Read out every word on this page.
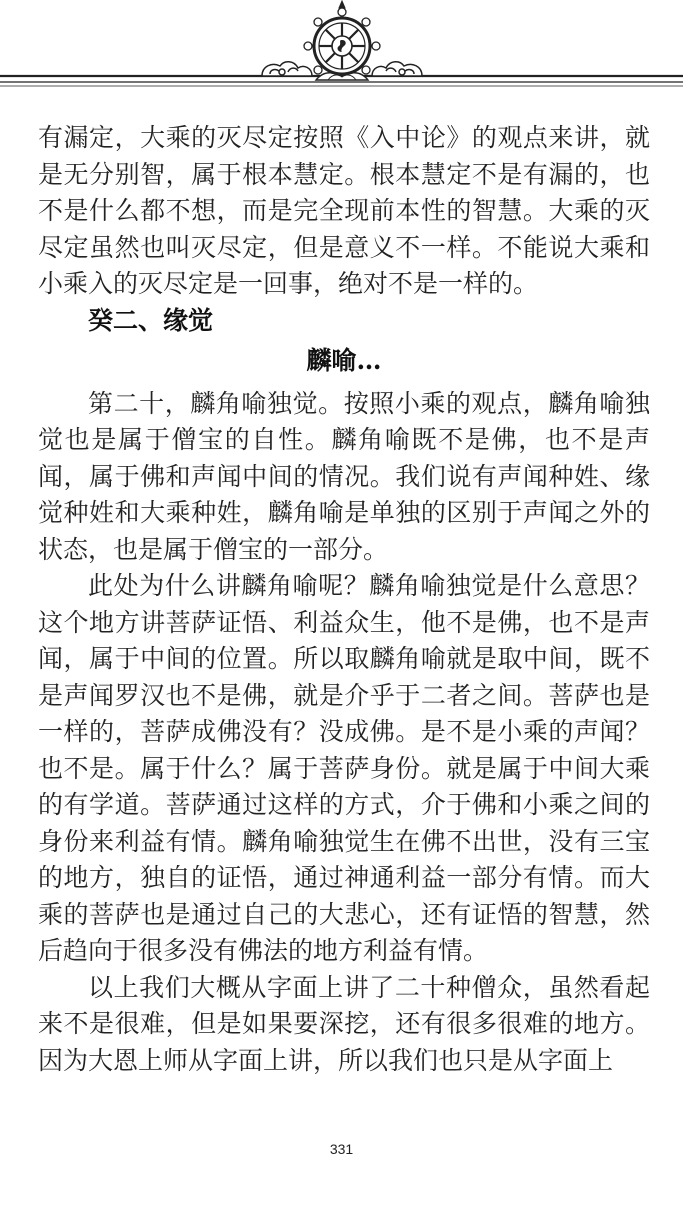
有漏定，大乘的灭尽定按照《入中论》的观点来讲，就是无分别智，属于根本慧定。根本慧定不是有漏的，也不是什么都不想，而是完全现前本性的智慧。大乘的灭尽定虽然也叫灭尽定，但是意义不一样。不能说大乘和小乘入的灭尽定是一回事，绝对不是一样的。

癸二、缘觉
麟喻…

第二十，麟角喻独觉。按照小乘的观点，麟角喻独觉也是属于僧宝的自性。麟角喻既不是佛，也不是声闻，属于佛和声闻中间的情况。我们说有声闻种姓、缘觉种姓和大乘种姓，麟角喻是单独的区别于声闻之外的状态，也是属于僧宝的一部分。

此处为什么讲麟角喻呢？麟角喻独觉是什么意思？这个地方讲菩萨证悟、利益众生，他不是佛，也不是声闻，属于中间的位置。所以取麟角喻就是取中间，既不是声闻罗汉也不是佛，就是介乎于二者之间。菩萨也是一样的，菩萨成佛没有？没成佛。是不是小乘的声闻？也不是。属于什么？属于菩萨身份。就是属于中间大乘的有学道。菩萨通过这样的方式，介于佛和小乘之间的身份来利益有情。麟角喻独觉生在佛不出世，没有三宝的地方，独自的证悟，通过神通利益一部分有情。而大乘的菩萨也是通过自己的大悲心，还有证悟的智慧，然后趋向于很多没有佛法的地方利益有情。

以上我们大概从字面上讲了二十种僧众，虽然看起来不是很难，但是如果要深挖，还有很多很难的地方。因为大恩上师从字面上讲，所以我们也只是从字面上

331
